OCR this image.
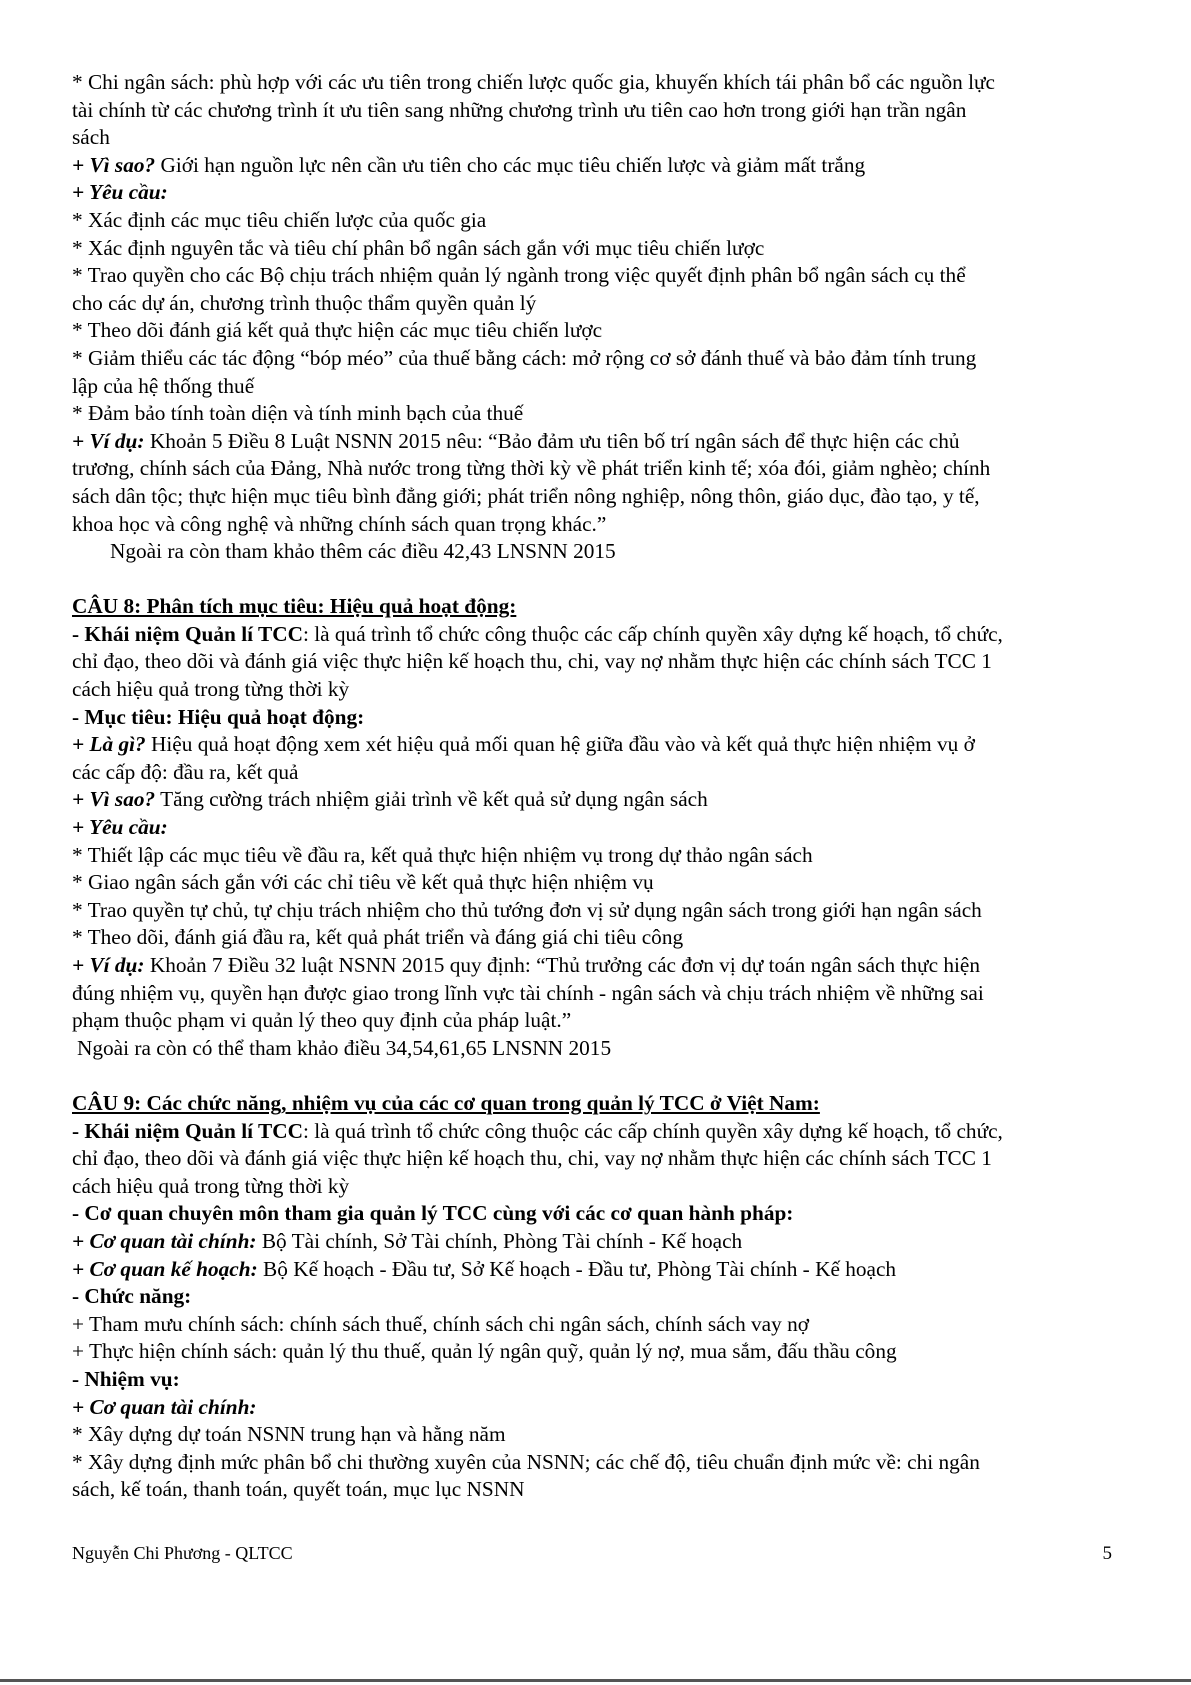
* Chi ngân sách: phù hợp với các ưu tiên trong chiến lược quốc gia, khuyến khích tái phân bổ các nguồn lực
tài chính từ các chương trình ít ưu tiên sang những chương trình ưu tiên cao hơn trong giới hạn trần ngân
sách
+ Vì sao? Giới hạn nguồn lực nên cần ưu tiên cho các mục tiêu chiến lược và giảm mất trắng
+ Yêu cầu:
* Xác định các mục tiêu chiến lược của quốc gia
* Xác định nguyên tắc và tiêu chí phân bổ ngân sách gắn với mục tiêu chiến lược
* Trao quyền cho các Bộ chịu trách nhiệm quản lý ngành trong việc quyết định phân bổ ngân sách cụ thể
cho các dự án, chương trình thuộc thẩm quyền quản lý
* Theo dõi đánh giá kết quả thực hiện các mục tiêu chiến lược
* Giảm thiểu các tác động “bóp méo” của thuế bằng cách: mở rộng cơ sở đánh thuế và bảo đảm tính trung
lập của hệ thống thuế
* Đảm bảo tính toàn diện và tính minh bạch của thuế
+ Ví dụ: Khoản 5 Điều 8 Luật NSNN 2015 nêu: “Bảo đảm ưu tiên bố trí ngân sách để thực hiện các chủ
trương, chính sách của Đảng, Nhà nước trong từng thời kỳ về phát triển kinh tế; xóa đói, giảm nghèo; chính
sách dân tộc; thực hiện mục tiêu bình đẳng giới; phát triển nông nghiệp, nông thôn, giáo dục, đào tạo, y tế,
khoa học và công nghệ và những chính sách quan trọng khác.”
Ngoài ra còn tham khảo thêm các điều 42,43 LNSNN 2015
CÂU 8: Phân tích mục tiêu: Hiệu quả hoạt động:
- Khái niệm Quản lí TCC: là quá trình tổ chức công thuộc các cấp chính quyền xây dựng kế hoạch, tổ chức,
chỉ đạo, theo dõi và đánh giá việc thực hiện kế hoạch thu, chi, vay nợ nhằm thực hiện các chính sách TCC 1
cách hiệu quả trong từng thời kỳ
- Mục tiêu: Hiệu quả hoạt động:
+ Là gì? Hiệu quả hoạt động xem xét hiệu quả mối quan hệ giữa đầu vào và kết quả thực hiện nhiệm vụ ở
các cấp độ: đầu ra, kết quả
+ Vì sao? Tăng cường trách nhiệm giải trình về kết quả sử dụng ngân sách
+ Yêu cầu:
* Thiết lập các mục tiêu về đầu ra, kết quả thực hiện nhiệm vụ trong dự thảo ngân sách
* Giao ngân sách gắn với các chỉ tiêu về kết quả thực hiện nhiệm vụ
* Trao quyền tự chủ, tự chịu trách nhiệm cho thủ tướng đơn vị sử dụng ngân sách trong giới hạn ngân sách
* Theo dõi, đánh giá đầu ra, kết quả phát triển và đáng giá chi tiêu công
+ Ví dụ: Khoản 7 Điều 32 luật NSNN 2015 quy định: “Thủ trưởng các đơn vị dự toán ngân sách thực hiện
đúng nhiệm vụ, quyền hạn được giao trong lĩnh vực tài chính - ngân sách và chịu trách nhiệm về những sai
phạm thuộc phạm vi quản lý theo quy định của pháp luật.”
Ngoài ra còn có thể tham khảo điều 34,54,61,65 LNSNN 2015
CÂU 9: Các chức năng, nhiệm vụ của các cơ quan trong quản lý TCC ở Việt Nam:
- Khái niệm Quản lí TCC: là quá trình tổ chức công thuộc các cấp chính quyền xây dựng kế hoạch, tổ chức,
chỉ đạo, theo dõi và đánh giá việc thực hiện kế hoạch thu, chi, vay nợ nhằm thực hiện các chính sách TCC 1
cách hiệu quả trong từng thời kỳ
- Cơ quan chuyên môn tham gia quản lý TCC cùng với các cơ quan hành pháp:
+ Cơ quan tài chính: Bộ Tài chính, Sở Tài chính, Phòng Tài chính - Kế hoạch
+ Cơ quan kế hoạch: Bộ Kế hoạch - Đầu tư, Sở Kế hoạch - Đầu tư, Phòng Tài chính - Kế hoạch
- Chức năng:
+ Tham mưu chính sách: chính sách thuế, chính sách chi ngân sách, chính sách vay nợ
+ Thực hiện chính sách: quản lý thu thuế, quản lý ngân quỹ, quản lý nợ, mua sắm, đấu thầu công
- Nhiệm vụ:
+ Cơ quan tài chính:
* Xây dựng dự toán NSNN trung hạn và hằng năm
* Xây dựng định mức phân bổ chi thường xuyên của NSNN; các chế độ, tiêu chuẩn định mức về: chi ngân
sách, kế toán, thanh toán, quyết toán, mục lục NSNN
Nguyễn Chi Phương - QLTCC	5
